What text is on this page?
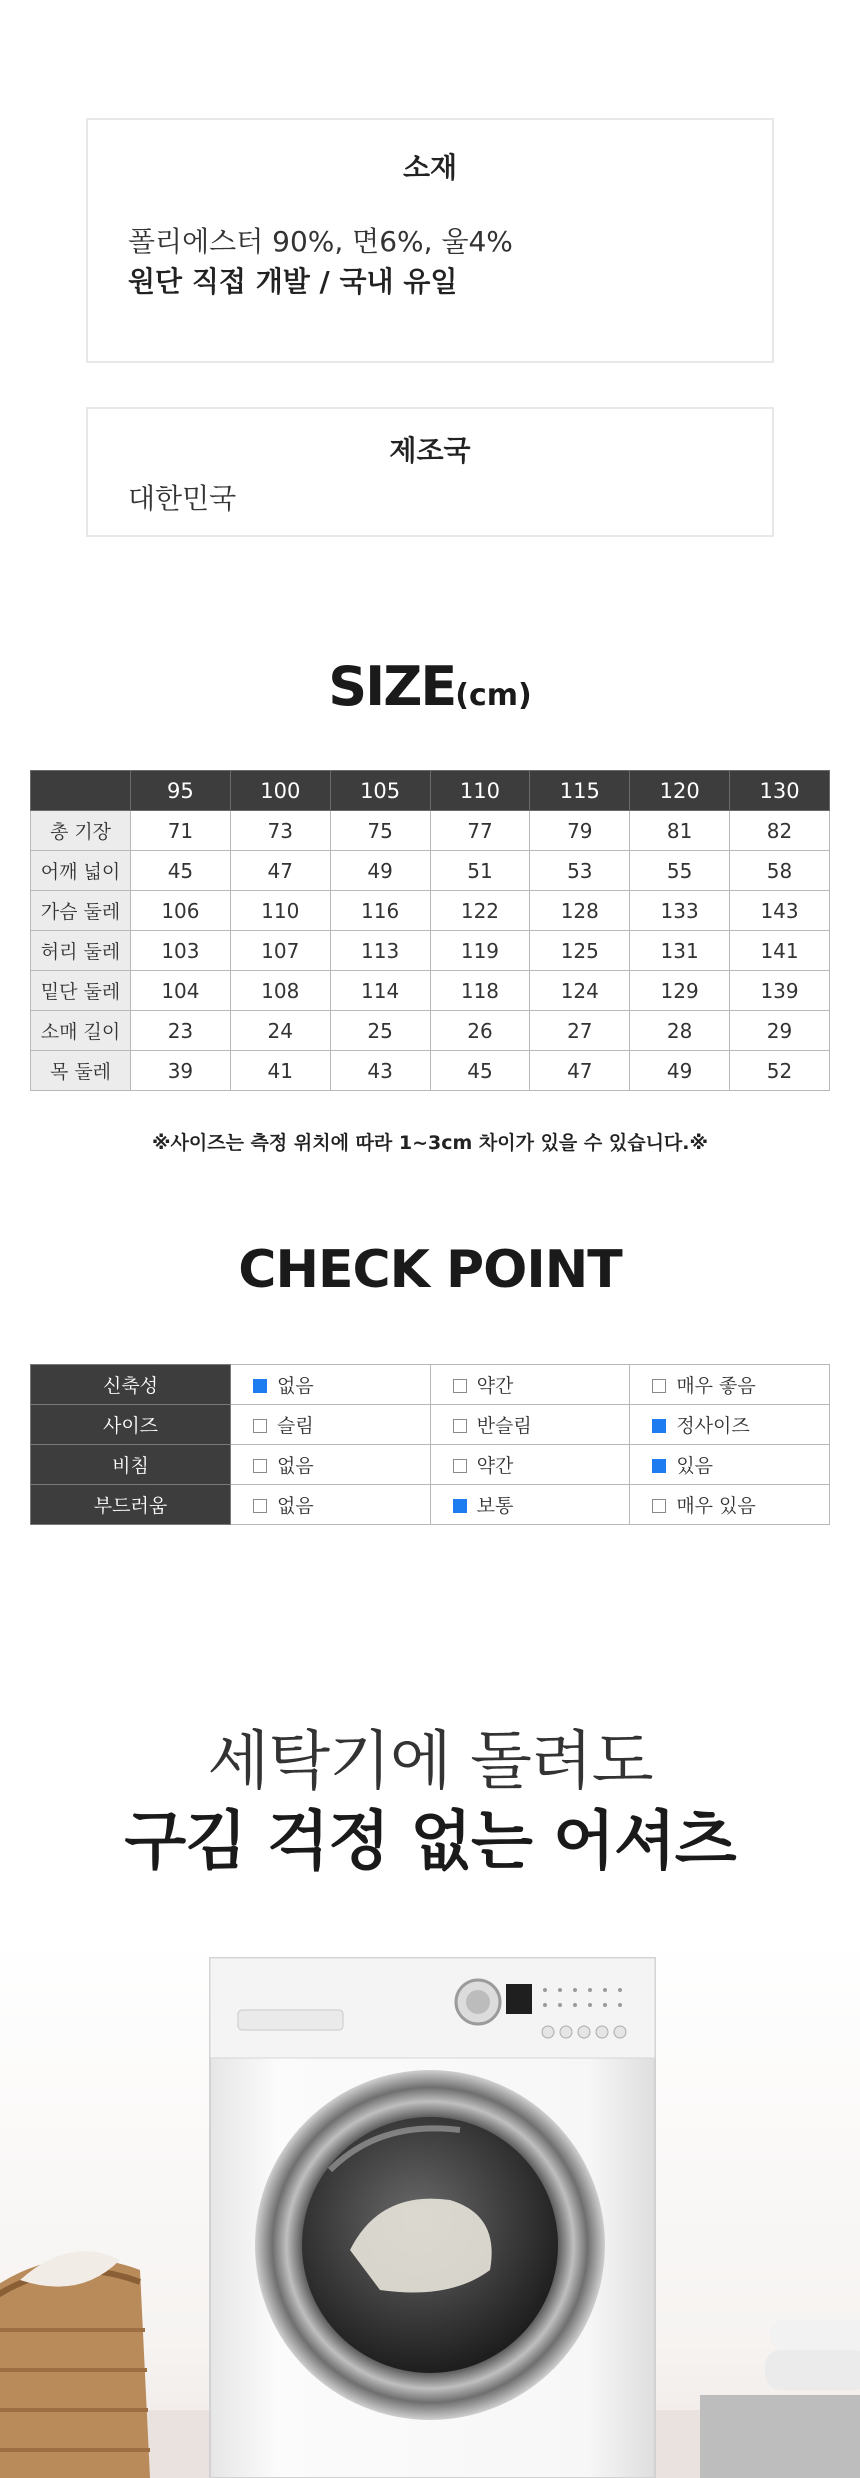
소재
폴리에스터 90%, 면6%, 울4%
원단 직접 개발 / 국내 유일
제조국
대한민국
SIZE(cm)
	95	100	105	110	115	120	130
총 기장	71	73	75	77	79	81	82
어깨 넓이	45	47	49	51	53	55	58
가슴 둘레	106	110	116	122	128	133	143
허리 둘레	103	107	113	119	125	131	141
밑단 둘레	104	108	114	118	124	129	139
소매 길이	23	24	25	26	27	28	29
목 둘레	39	41	43	45	47	49	52
※사이즈는 측정 위치에 따라 1~3cm 차이가 있을 수 있습니다.※
CHECK POINT
신축성	없음	약간	매우 좋음
사이즈	슬림	반슬림	정사이즈
비침	없음	약간	있음
부드러움	없음	보통	매우 있음
세탁기에 돌려도
구김 걱정 없는 어셔츠
